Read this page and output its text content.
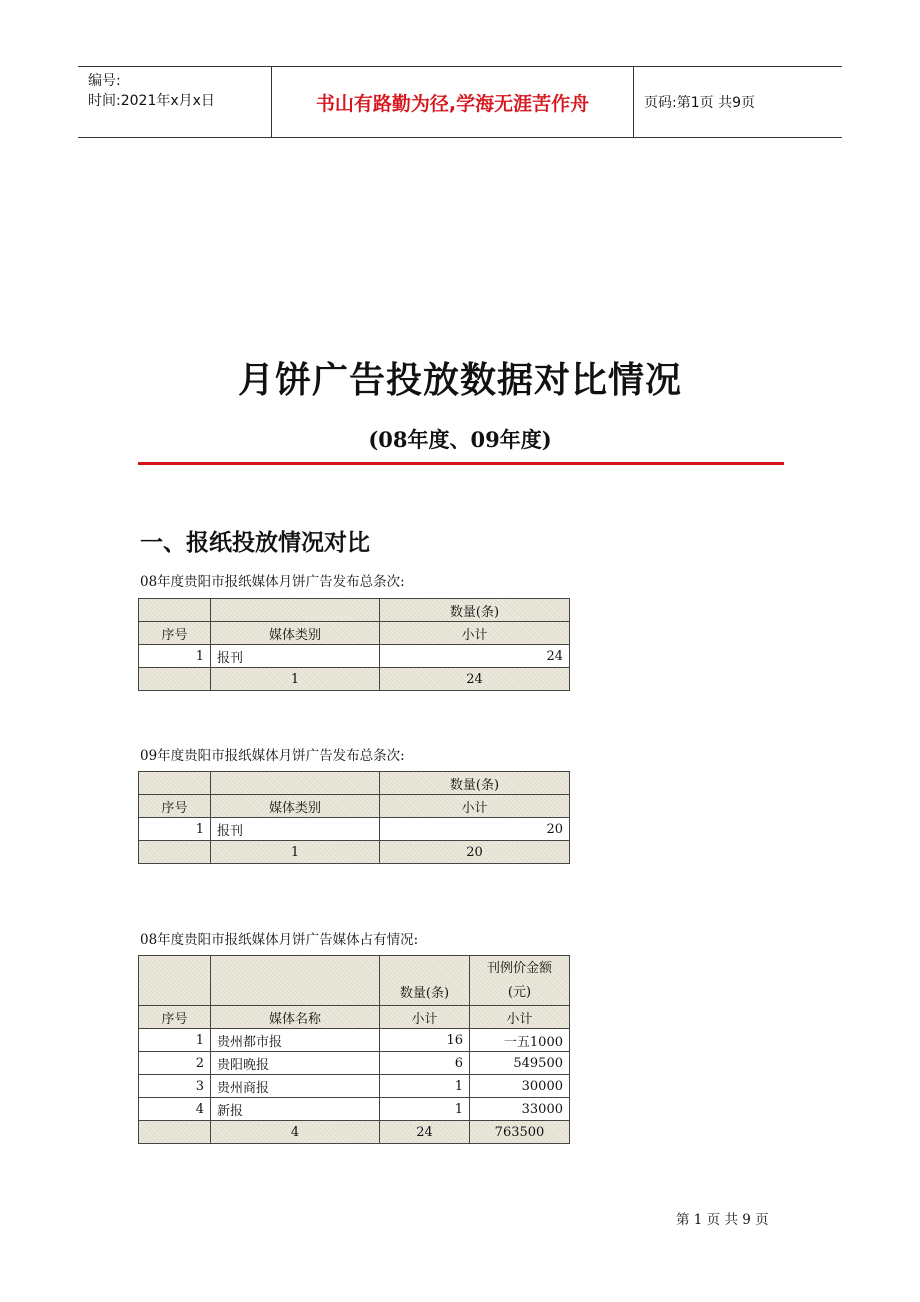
编号:
时间:2021年x月x日	书山有路勤为径,学海无涯苦作舟	页码:第1页 共9页
月饼广告投放数据对比情况
(08年度、09年度)
一、报纸投放情况对比
08年度贵阳市报纸媒体月饼广告发布总条次:
		数量(条)
序号	媒体类别	小计
1	报刊	24
	1	24
09年度贵阳市报纸媒体月饼广告发布总条次:
		数量(条)
序号	媒体类别	小计
1	报刊	20
	1	20
08年度贵阳市报纸媒体月饼广告媒体占有情况:
		数量(条)	刊例价金额
(元)

序号	媒体名称	小计	小计
1	贵州都市报	16	一五1000
2	贵阳晚报	6	549500
3	贵州商报	1	30000
4	新报	1	33000
	4	24	763500
第 1 页 共 9 页
